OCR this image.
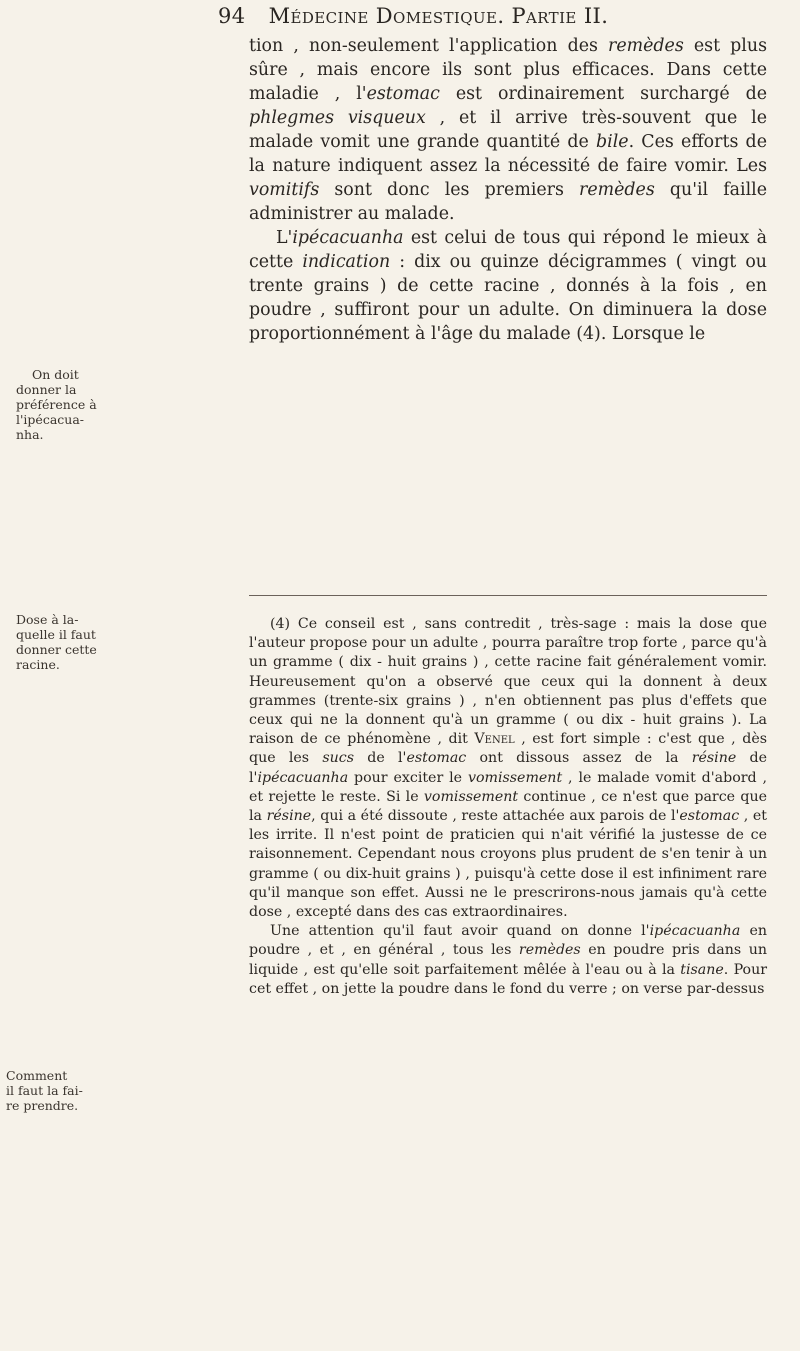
94 Médecine Domestique. Partie II.
On doit
donner la
préférence à
l'ipécacua-
nha.
Dose à la-
quelle il faut
donner cette
racine.
Comment
il faut la fai-
re prendre.

tion , non-seulement l'application des remèdes est plus sûre , mais encore ils sont plus efficaces. Dans cette maladie , l'estomac est ordinairement surchargé de phlegmes visqueux , et il arrive très-souvent que le malade vomit une grande quantité de bile. Ces efforts de la nature indiquent assez la nécessité de faire vomir. Les vomitifs sont donc les premiers remèdes qu'il faille administrer au malade.

L'ipécacuanha est celui de tous qui répond le mieux à cette indication : dix ou quinze décigrammes ( vingt ou trente grains ) de cette racine , donnés à la fois , en poudre , suffiront pour un adulte. On diminuera la dose proportionnément à l'âge du malade (4). Lorsque le

(4) Ce conseil est , sans contredit , très-sage : mais la dose que l'auteur propose pour un adulte , pourra paraître trop forte , parce qu'à un gramme ( dix - huit grains ) , cette racine fait généralement vomir. Heureusement qu'on a observé que ceux qui la donnent à deux grammes (trente-six grains ) , n'en obtiennent pas plus d'effets que ceux qui ne la donnent qu'à un gramme ( ou dix - huit grains ). La raison de ce phénomène , dit Venel , est fort simple : c'est que , dès que les sucs de l'estomac ont dissous assez de la résine de l'ipécacuanha pour exciter le vomissement , le malade vomit d'abord , et rejette le reste. Si le vomissement continue , ce n'est que parce que la résine, qui a été dissoute , reste attachée aux parois de l'estomac , et les irrite. Il n'est point de praticien qui n'ait vérifié la justesse de ce raisonnement. Cependant nous croyons plus prudent de s'en tenir à un gramme ( ou dix-huit grains ) , puisqu'à cette dose il est infiniment rare qu'il manque son effet. Aussi ne le prescrirons-nous jamais qu'à cette dose , excepté dans des cas extraordinaires.

Une attention qu'il faut avoir quand on donne l'ipécacuanha en poudre , et , en général , tous les remèdes en poudre pris dans un liquide , est qu'elle soit parfaitement mêlée à l'eau ou à la tisane. Pour cet effet , on jette la poudre dans le fond du verre ; on verse par-dessus
